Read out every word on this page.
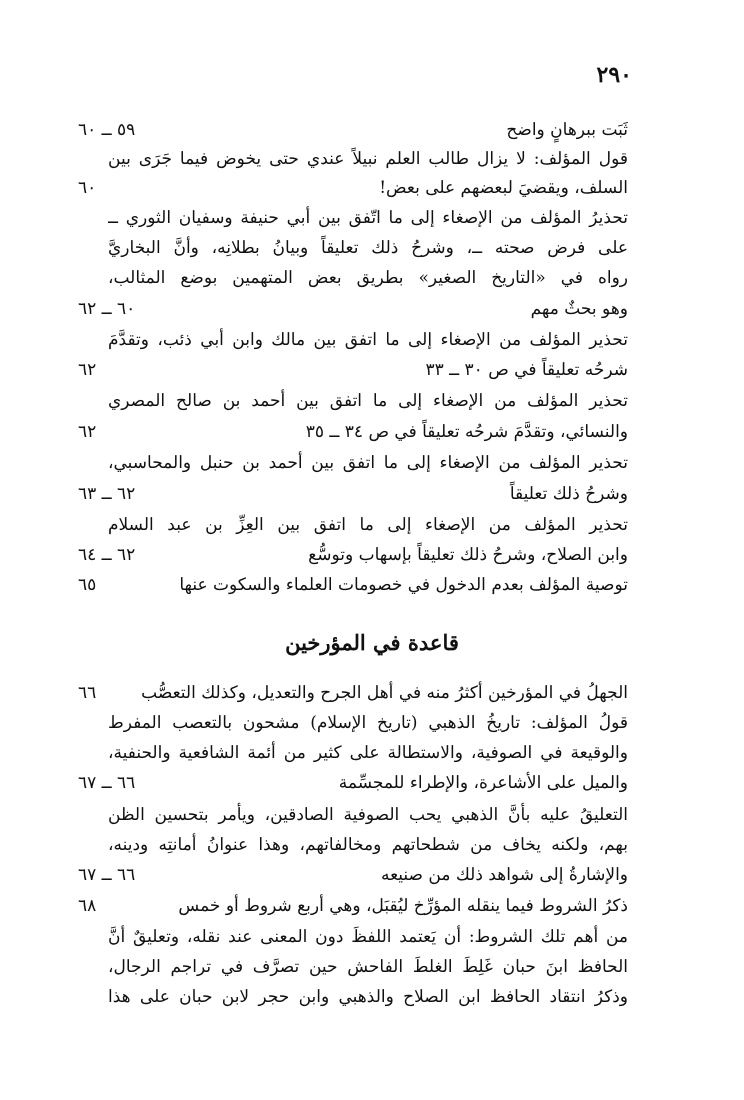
٢٩٠
ثَبَت ببرهانٍ واضح
٥٩ ــ ٦٠
قول المؤلف: لا يزال طالب العلم نبيلاً عندي حتى يخوض فيما جَرَى بين
السلف، ويقضيَ لبعضهم على بعض!
٦٠
تحذيرُ المؤلف من الإصغاء إلى ما اتّفق بين أبي حنيفة وسفيان الثوري ــ
على فرض صحته ــ، وشرحُ ذلك تعليقاً وبيانُ بطلانِه، وأنَّ البخاريَّ
رواه في «التاريخ الصغير» بطريق بعض المتهمين بوضع المثالب،
وهو بحثٌ مهم
٦٠ ــ ٦٢
تحذير المؤلف من الإصغاء إلى ما اتفق بين مالك وابن أبي ذئب، وتقدَّمَ
شرحُه تعليقاً في ص ٣٠ ــ ٣٣
٦٢
تحذير المؤلف من الإصغاء إلى ما اتفق بين أحمد بن صالح المصري
والنسائي، وتقدَّمَ شرحُه تعليقاً في ص ٣٤ ــ ٣٥
٦٢
تحذير المؤلف من الإصغاء إلى ما اتفق بين أحمد بن حنبل والمحاسبي،
وشرحُ ذلك تعليقاً
٦٢ ــ ٦٣
تحذير المؤلف من الإصغاء إلى ما اتفق بين العِزِّ بن عبد السلام
وابن الصلاح، وشرحُ ذلك تعليقاً بإسهاب وتوسُّع
٦٢ ــ ٦٤
توصية المؤلف بعدم الدخول في خصومات العلماء والسكوت عنها
٦٥
قاعدة في المؤرخين
الجهلُ في المؤرخين أكثرُ منه في أهل الجرح والتعديل، وكذلك التعصُّب
٦٦
قولُ المؤلف: تاريخُ الذهبي (تاريخ الإسلام) مشحون بالتعصب المفرط
والوقيعة في الصوفية، والاستطالة على كثير من أئمة الشافعية والحنفية،
والميل على الأشاعرة، والإطراء للمجسِّمة
٦٦ ــ ٦٧
التعليقُ عليه بأنَّ الذهبي يحب الصوفية الصادقين، ويأمر بتحسين الظن
بهم، ولكنه يخاف من شطحاتهم ومخالفاتهم، وهذا عنوانُ أمانتِه ودينه،
والإشارةُ إلى شواهد ذلك من صنيعه
٦٦ ــ ٦٧
ذكرُ الشروط فيما ينقله المؤرِّخ ليُقبَل، وهي أربع شروط أو خمس
٦٨
من أهم تلك الشروط: أن يَعتمد اللفظَ دون المعنى عند نقله، وتعليقٌ أنَّ
الحافظ ابنَ حبان غَلِطَ الغلطَ الفاحش حين تصرَّف في تراجم الرجال،
وذكرُ انتقاد الحافظ ابن الصلاح والذهبي وابن حجر لابن حبان على هذا
